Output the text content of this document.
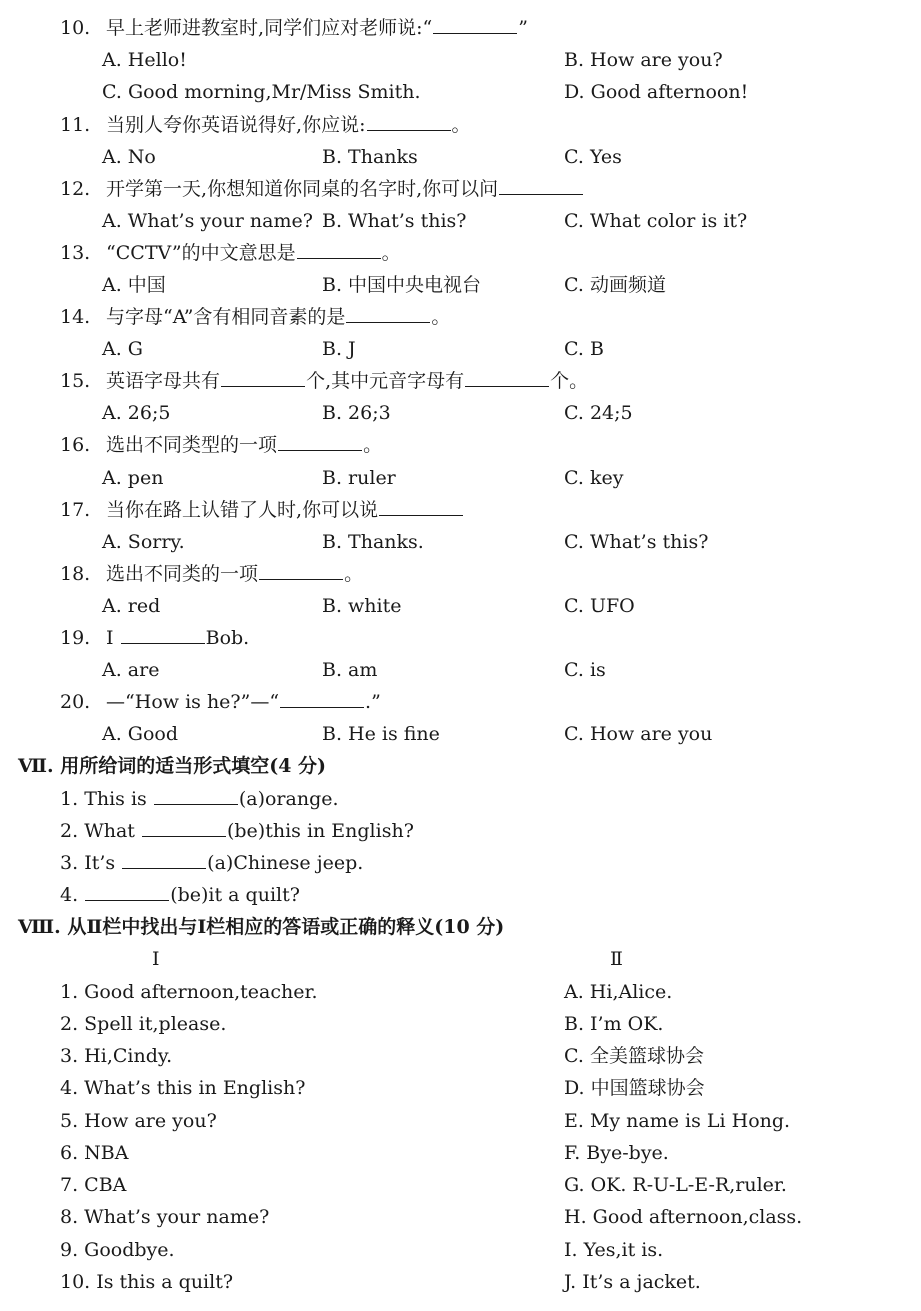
10. 早上老师进教室时,同学们应对老师说:“	”
A. Hello!	B. How are you?
C. Good morning,Mr/Miss Smith.	D. Good afternoon!
11. 当别人夸你英语说得好,你应说:	。
A. No	B. Thanks	C. Yes
12. 开学第一天,你想知道你同桌的名字时,你可以问
A. What’s your name? B. What’s this?	C. What color is it?
13. “CCTV”的中文意思是	。
A. 中国	B. 中国中央电视台	C. 动画频道
14. 与字母“A”含有相同音素的是	。
A. G	B. J	C. B
15. 英语字母共有	个,其中元音字母有	个。
A. 26;5	B. 26;3	C. 24;5
16. 选出不同类型的一项	。
A. pen	B. ruler	C. key
17. 当你在路上认错了人时,你可以说
A. Sorry.	B. Thanks.	C. What’s this?
18. 选出不同类的一项	。
A. red	B. white	C. UFO
19. I	Bob.
A. are	B. am	C. is
20. —“How is he?”—“	.”
A. Good	B. He is fine	C. How are you
Ⅶ. 用所给词的适当形式填空(4 分)
1. This is	(a)orange.
2. What	(be)this in English?
3. It’s	(a)Chinese jeep.
4.	(be)it a quilt?
Ⅷ. 从Ⅱ栏中找出与Ⅰ栏相应的答语或正确的释义(10 分)
Ⅰ	Ⅱ
1. Good afternoon,teacher.	A. Hi,Alice.
2. Spell it,please.	B. I’m OK.
3. Hi,Cindy.	C. 全美篮球协会
4. What’s this in English?	D. 中国篮球协会
5. How are you?	E. My name is Li Hong.
6. NBA	F. Bye-bye.
7. CBA	G. OK. R-U-L-E-R,ruler.
8. What’s your name?	H. Good afternoon,class.
9. Goodbye.	I. Yes,it is.
10. Is this a quilt?	J. It’s a jacket.
